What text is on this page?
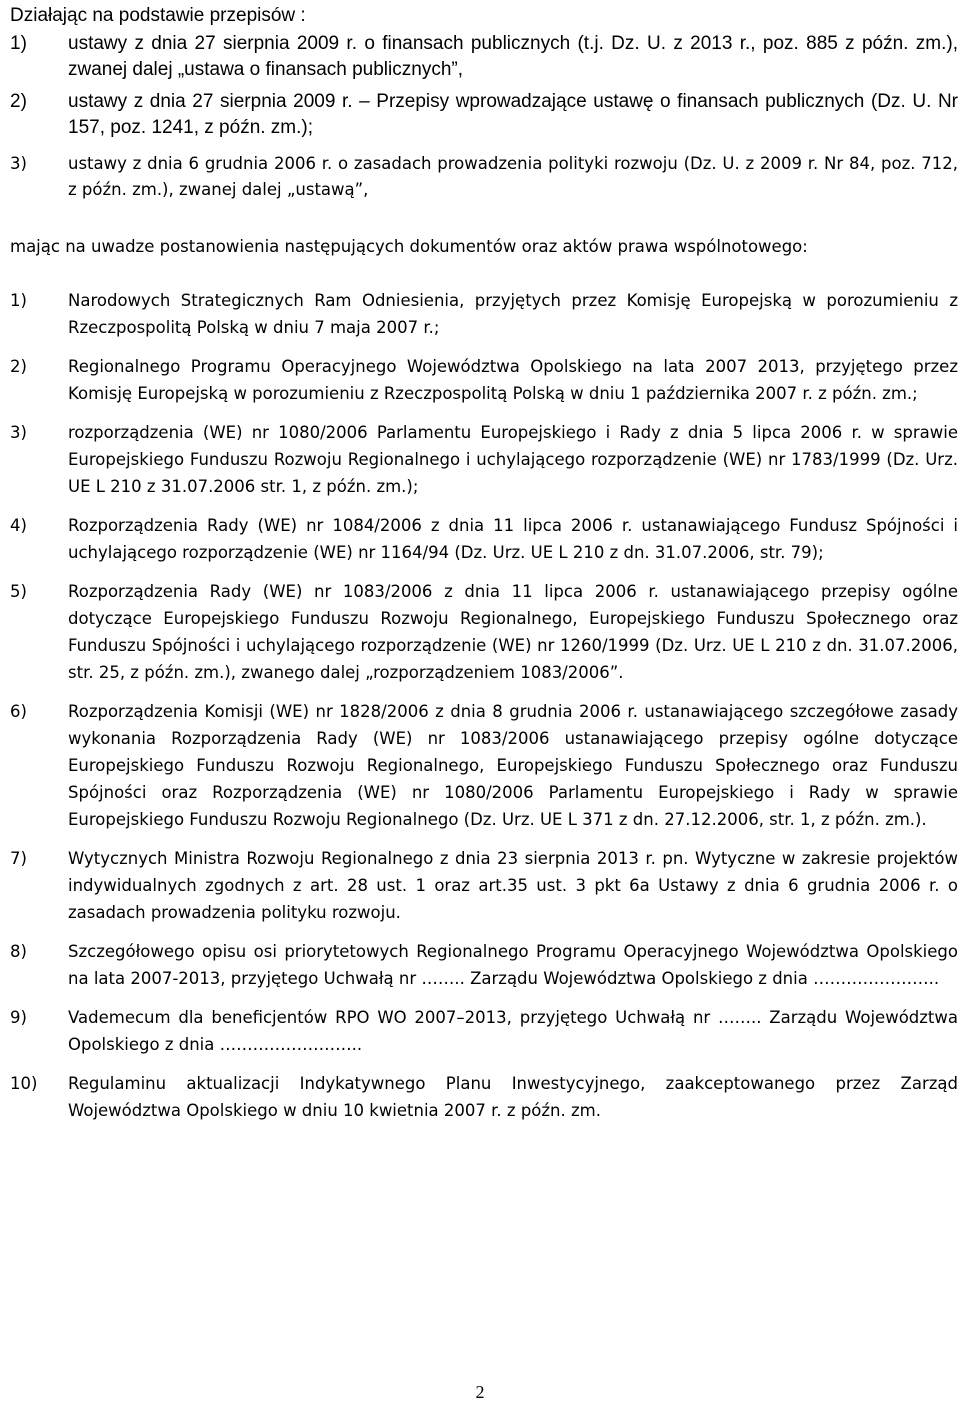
Działając na podstawie przepisów :

1)	ustawy z dnia 27 sierpnia 2009 r. o finansach publicznych (t.j. Dz. U. z 2013 r., poz. 885 z późn. zm.), zwanej dalej „ustawa o finansach publicznych”,
2)	ustawy z dnia 27 sierpnia 2009 r. – Przepisy wprowadzające ustawę o finansach publicznych (Dz. U. Nr 157, poz. 1241, z późn. zm.);
3)	ustawy z dnia 6 grudnia 2006 r. o zasadach prowadzenia polityki rozwoju (Dz. U. z 2009 r. Nr 84, poz. 712, z późn. zm.), zwanej dalej „ustawą”,
mając na uwadze postanowienia następujących dokumentów oraz aktów prawa wspólnotowego:
1)	Narodowych Strategicznych Ram Odniesienia, przyjętych przez Komisję Europejską w porozumieniu z Rzeczpospolitą Polską w dniu 7 maja 2007 r.;
2)	Regionalnego Programu Operacyjnego Województwa Opolskiego na lata 2007 2013, przyjętego przez Komisję Europejską w porozumieniu z Rzeczpospolitą Polską w dniu 1 października 2007 r. z późn. zm.;
3)	rozporządzenia (WE) nr 1080/2006 Parlamentu Europejskiego i Rady z dnia 5 lipca 2006 r. w sprawie Europejskiego Funduszu Rozwoju Regionalnego i uchylającego rozporządzenie (WE) nr 1783/1999 (Dz. Urz. UE L 210 z 31.07.2006 str. 1, z późn. zm.);
4)	Rozporządzenia Rady (WE) nr 1084/2006 z dnia 11 lipca 2006 r. ustanawiającego Fundusz Spójności i uchylającego rozporządzenie (WE) nr 1164/94 (Dz. Urz. UE L 210 z dn. 31.07.2006, str. 79);
5)	Rozporządzenia Rady (WE) nr 1083/2006 z dnia 11 lipca 2006 r. ustanawiającego przepisy ogólne dotyczące Europejskiego Funduszu Rozwoju Regionalnego, Europejskiego Funduszu Społecznego oraz Funduszu Spójności i uchylającego rozporządzenie (WE) nr 1260/1999 (Dz. Urz. UE L 210 z dn. 31.07.2006, str. 25, z późn. zm.), zwanego dalej „rozporządzeniem 1083/2006”.
6)	Rozporządzenia Komisji (WE) nr 1828/2006 z dnia 8 grudnia 2006 r. ustanawiającego szczegółowe zasady wykonania Rozporządzenia Rady (WE) nr 1083/2006 ustanawiającego przepisy ogólne dotyczące Europejskiego Funduszu Rozwoju Regionalnego, Europejskiego Funduszu Społecznego oraz Funduszu Spójności oraz Rozporządzenia (WE) nr 1080/2006 Parlamentu Europejskiego i Rady w sprawie Europejskiego Funduszu Rozwoju Regionalnego (Dz. Urz. UE L 371 z dn. 27.12.2006, str. 1, z późn. zm.).
7)	Wytycznych Ministra Rozwoju Regionalnego z dnia 23 sierpnia 2013 r. pn. Wytyczne w zakresie projektów indywidualnych zgodnych z art. 28 ust. 1 oraz art.35 ust. 3 pkt 6a Ustawy z dnia 6 grudnia 2006 r. o zasadach prowadzenia polityku rozwoju.
8)	Szczegółowego opisu osi priorytetowych Regionalnego Programu Operacyjnego Województwa Opolskiego na lata 2007-2013, przyjętego Uchwałą nr …….. Zarządu Województwa Opolskiego z dnia …………………..
9)	Vademecum dla beneficjentów RPO WO 2007–2013, przyjętego Uchwałą nr …….. Zarządu Województwa Opolskiego z dnia ……………………..
10)	Regulaminu aktualizacji Indykatywnego Planu Inwestycyjnego, zaakceptowanego przez Zarząd Województwa Opolskiego w dniu 10 kwietnia 2007 r. z późn. zm.
2
